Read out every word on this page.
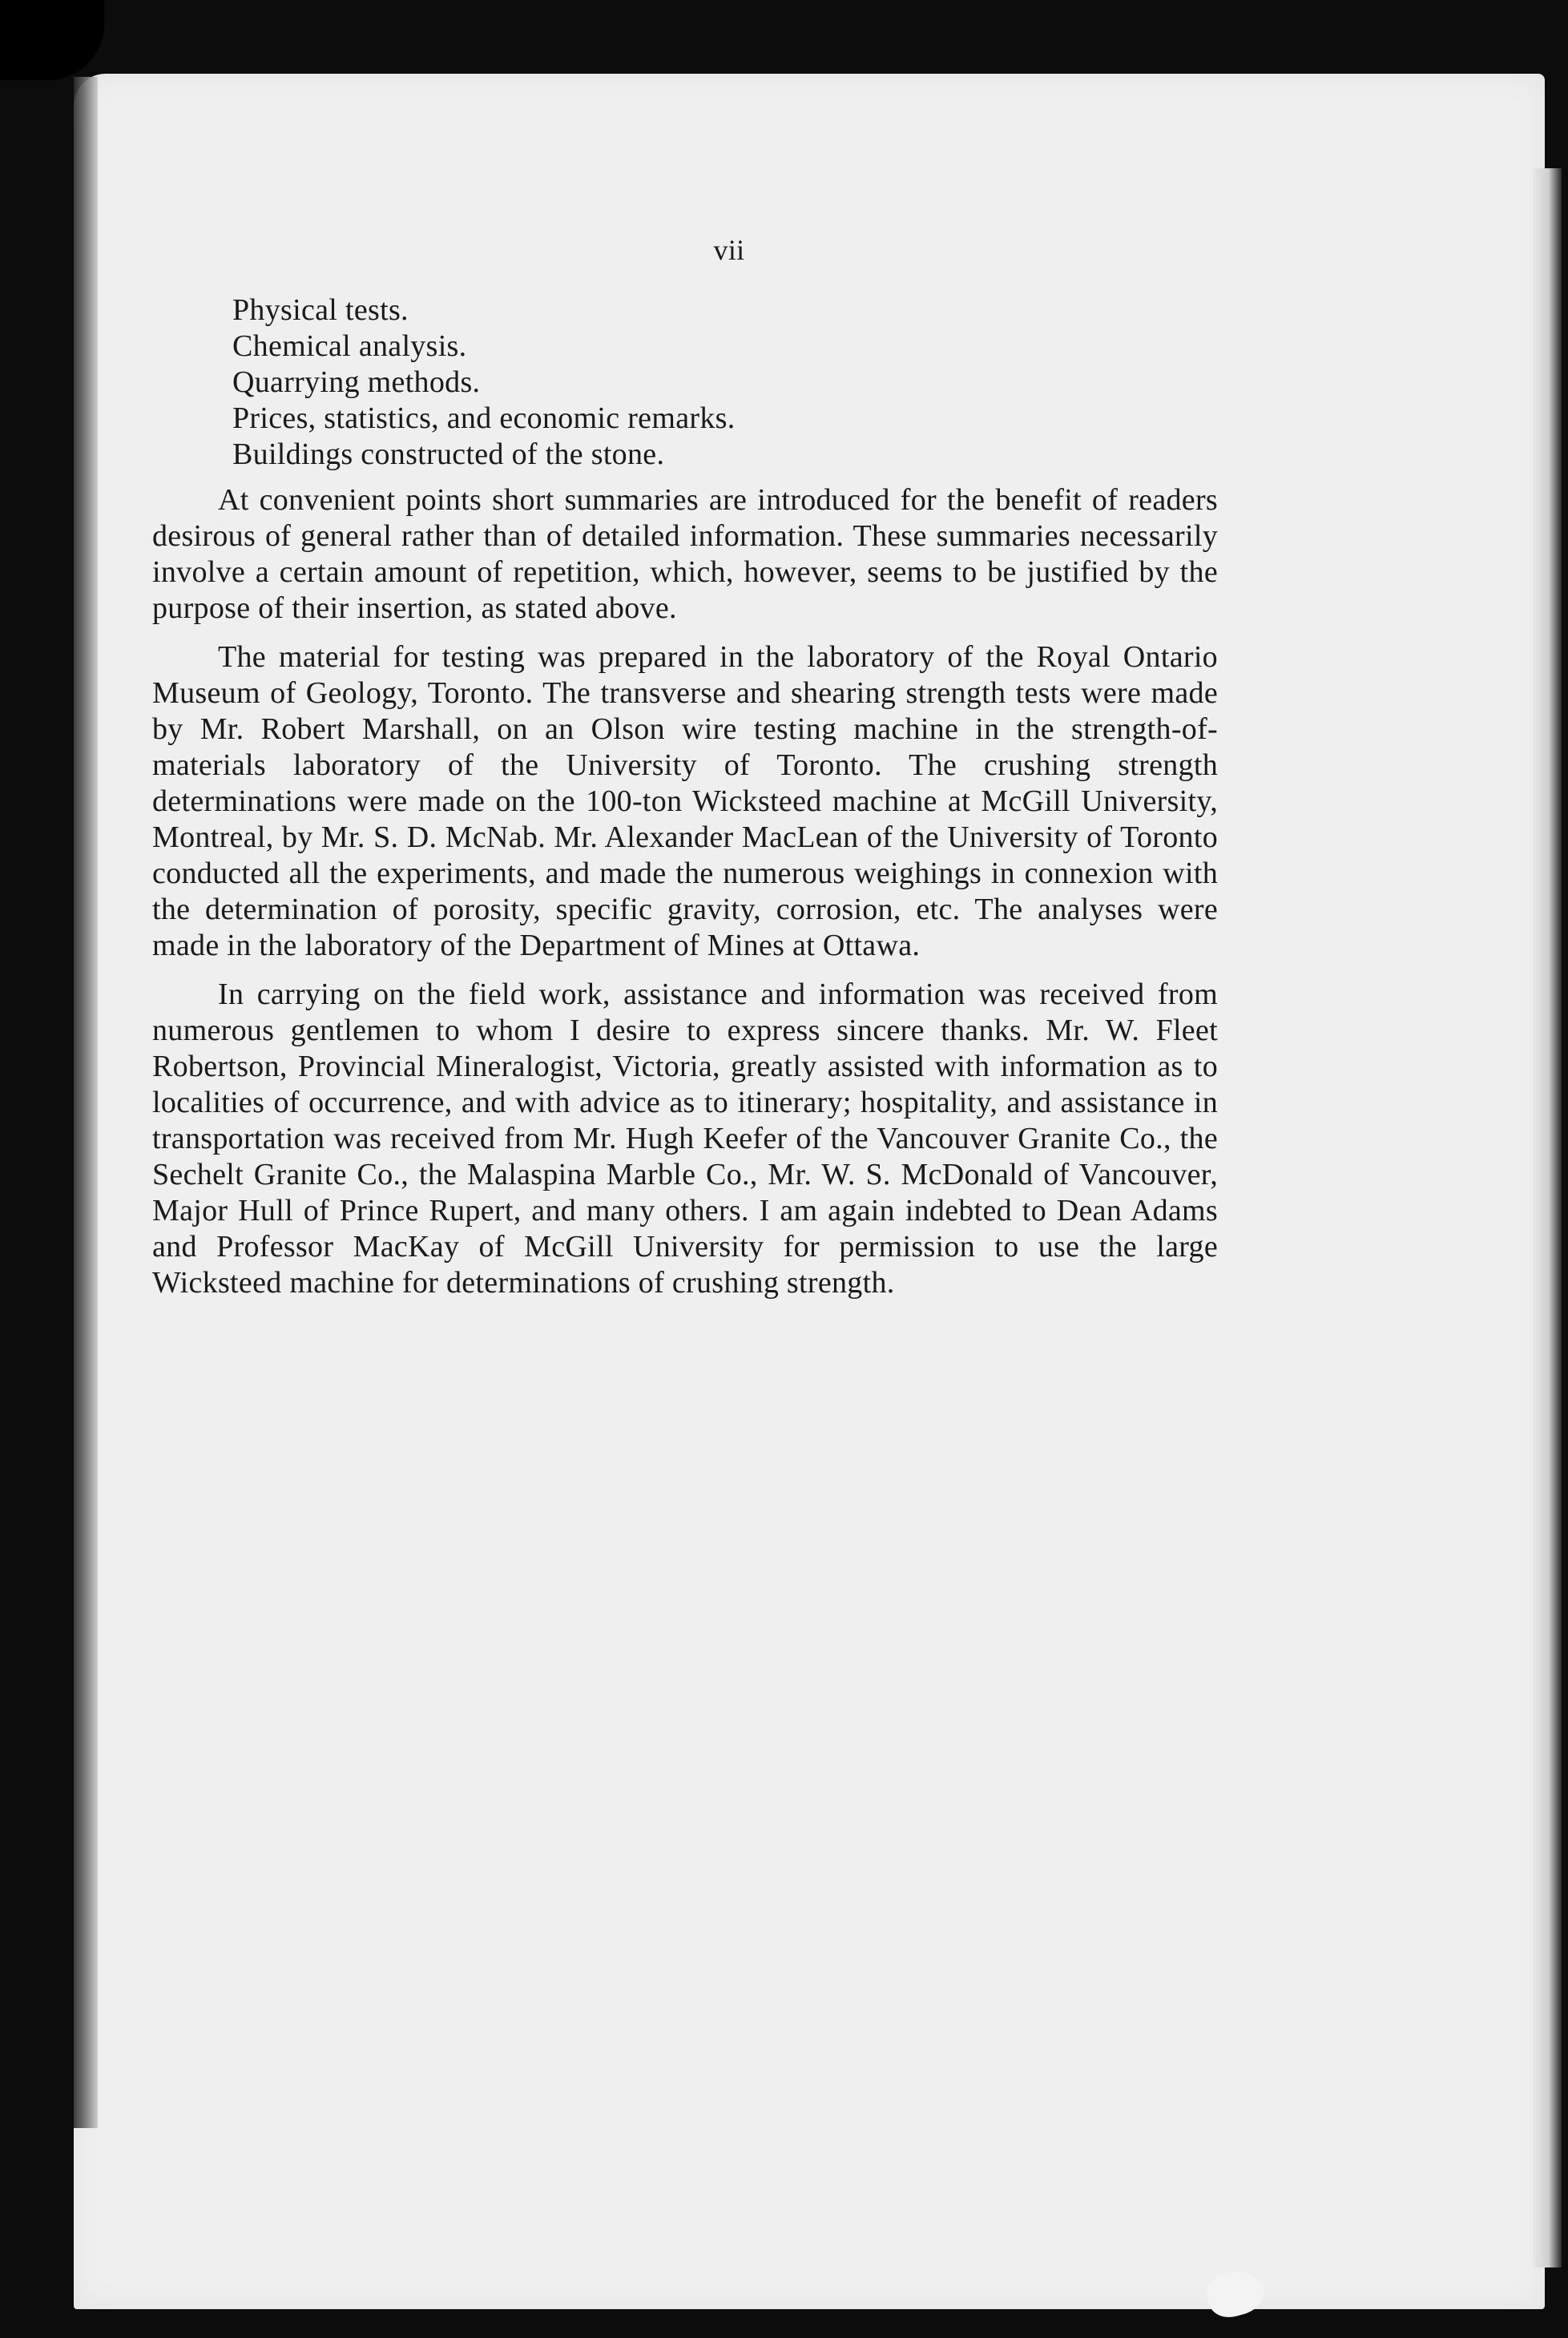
vii
Physical tests.
Chemical analysis.
Quarrying methods.
Prices, statistics, and economic remarks.
Buildings constructed of the stone.

At convenient points short summaries are introduced for the benefit of readers desirous of general rather than of detailed information. These summaries necessarily involve a certain amount of repetition, which, however, seems to be justified by the purpose of their insertion, as stated above.

The material for testing was prepared in the laboratory of the Royal Ontario Museum of Geology, Toronto. The transverse and shearing strength tests were made by Mr. Robert Marshall, on an Olson wire testing machine in the strength-of-materials laboratory of the University of Toronto. The crushing strength determinations were made on the 100-ton Wicksteed machine at McGill University, Montreal, by Mr. S. D. McNab. Mr. Alexander MacLean of the University of Toronto conducted all the experiments, and made the numerous weighings in connexion with the determination of porosity, specific gravity, corrosion, etc. The analyses were made in the laboratory of the Department of Mines at Ottawa.

In carrying on the field work, assistance and information was received from numerous gentlemen to whom I desire to express sincere thanks. Mr. W. Fleet Robertson, Provincial Mineralogist, Victoria, greatly assisted with information as to localities of occurrence, and with advice as to itinerary; hospitality, and assistance in transportation was received from Mr. Hugh Keefer of the Vancouver Granite Co., the Sechelt Granite Co., the Malaspina Marble Co., Mr. W. S. McDonald of Vancouver, Major Hull of Prince Rupert, and many others. I am again indebted to Dean Adams and Professor MacKay of McGill University for permission to use the large Wicksteed machine for determinations of crushing strength.
